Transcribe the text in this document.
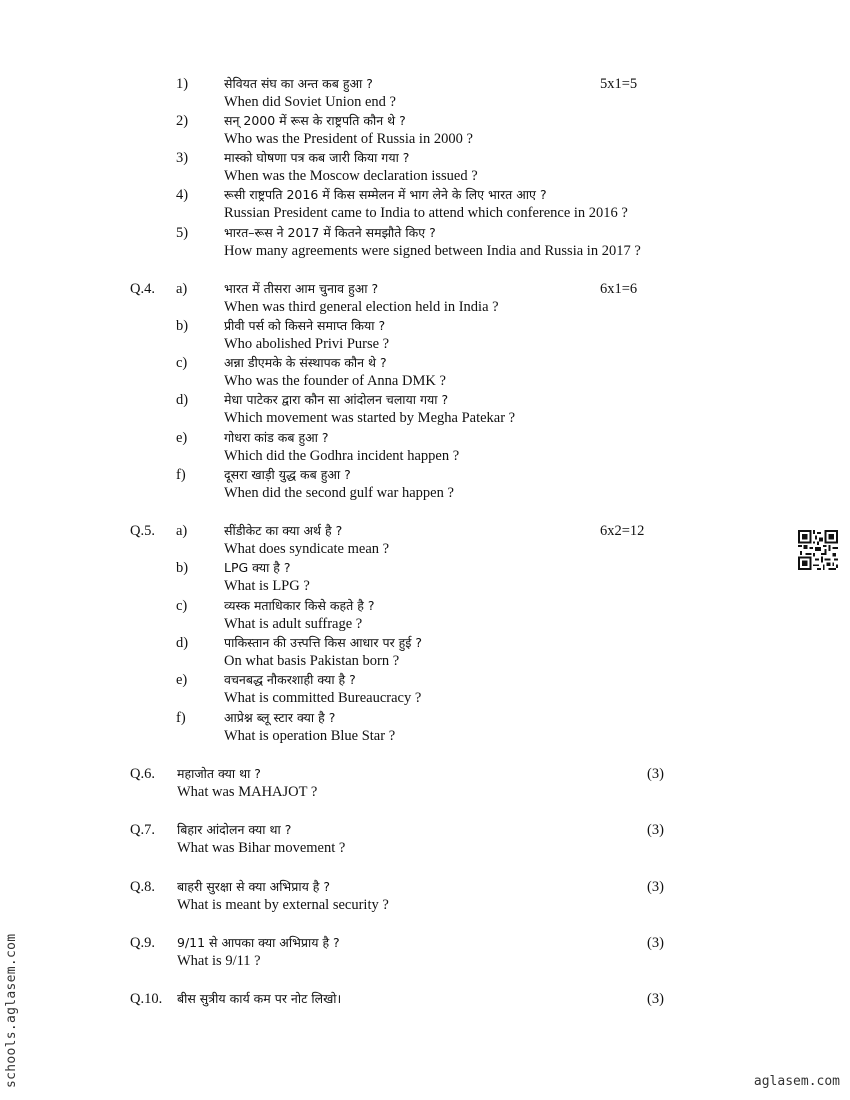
1)	सेवियत संघ का अन्त कब हुआ ?	5x1=5
When did Soviet Union end ?
2)	सन् 2000 में रूस के राष्ट्रपति कौन थे ?
Who was the President of Russia in 2000 ?
3)	मास्को घोषणा पत्र कब जारी किया गया ?
When was the Moscow declaration issued ?
4)	रूसी राष्ट्रपति 2016 में किस सम्मेलन में भाग लेने के लिए भारत आए ?
Russian President came to India to attend which conference in 2016 ?
5)	भारत–रूस ने 2017 में कितने समझौते किए ?
How many agreements were signed between India and Russia in 2017 ?
Q.4. a)	भारत में तीसरा आम चुनाव हुआ ?	6x1=6
When was third general election held in India ?
b)	प्रीवी पर्स को किसने समाप्त किया ?
Who abolished Privi Purse ?
c)	अन्ना डीएमके के संस्थापक कौन थे ?
Who was the founder of Anna DMK ?
d)	मेधा पाटेकर द्वारा कौन सा आंदोलन चलाया गया ?
Which movement was started by Megha Patekar ?
e)	गोधरा कांड कब हुआ ?
Which did the Godhra incident happen ?
f)	दूसरा खाड़ी युद्ध कब हुआ ?
When did the second gulf war happen ?
Q.5. a)	सींडीकेट का क्या अर्थ है ?	6x2=12
What does syndicate mean ?
b)	LPG क्या है ?
What is LPG ?
c)	व्यस्क मताधिकार किसे कहते है ?
What is adult suffrage ?
d)	पाकिस्तान की उत्त्पत्ति किस आधार पर हुई ?
On what basis Pakistan born ?
e)	वचनबद्ध नौकरशाही क्या है ?
What is committed Bureaucracy ?
f)	आप्रेश्न ब्लू स्टार क्या है ?
What is operation Blue Star ?
Q.6. महाजोत क्या था ?	(3)
What was MAHAJOT ?
Q.7. बिहार आंदोलन क्या था ?	(3)
What was Bihar movement ?
Q.8. बाहरी सुरक्षा से क्या अभिप्राय है ?	(3)
What is meant by external security ?
Q.9. 9/11 से आपका क्या अभिप्राय है ?	(3)
What is 9/11 ?
Q.10. बीस सुत्रीय कार्य कम पर नोट लिखो।	(3)
schools.aglasem.com	aglasem.com
